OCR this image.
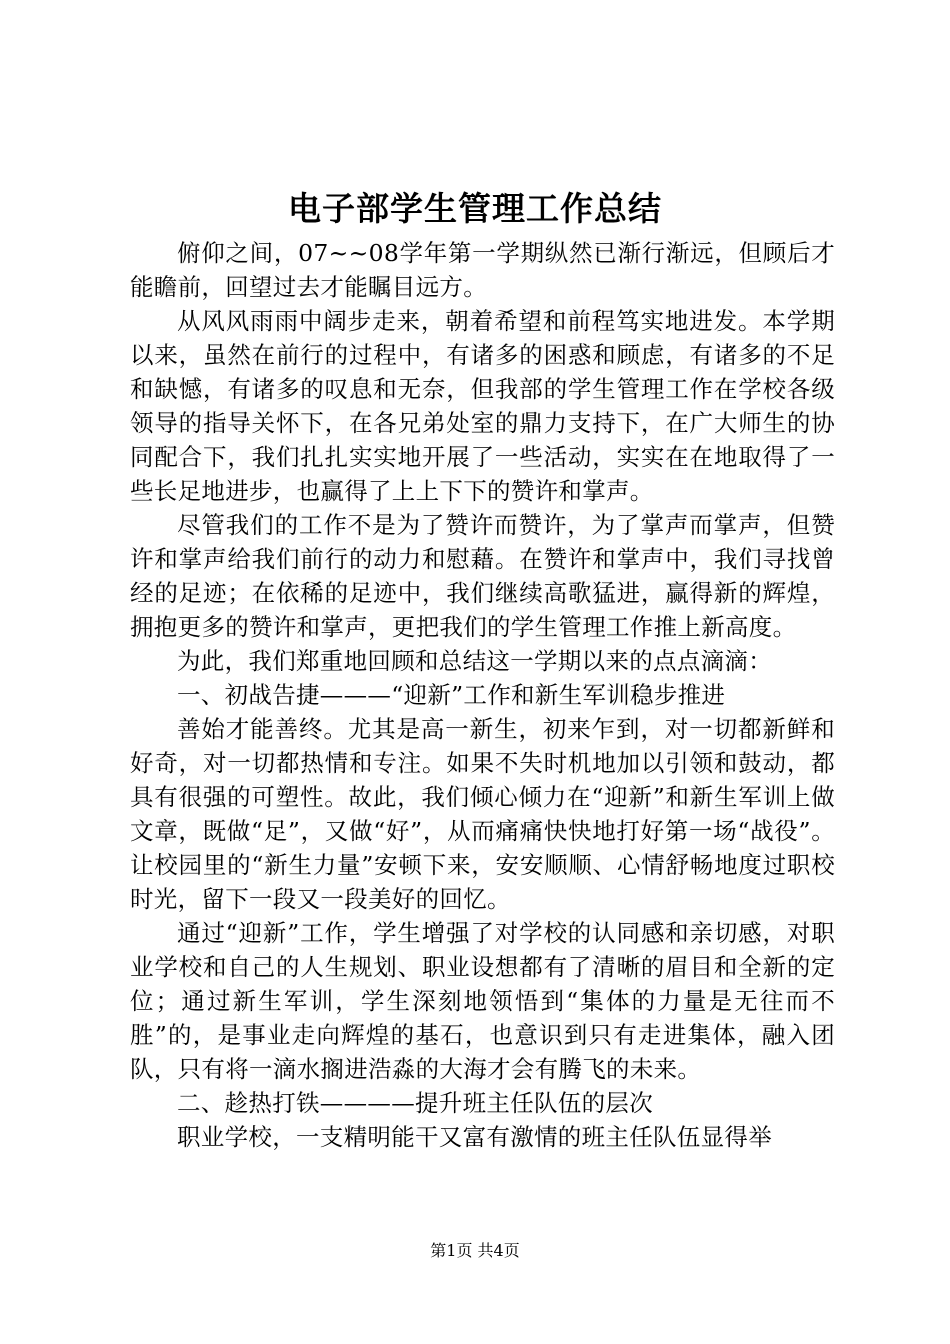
电子部学生管理工作总结

俯仰之间，07~~08学年第一学期纵然已渐行渐远，但顾后才能瞻前，回望过去才能瞩目远方。

从风风雨雨中阔步走来，朝着希望和前程笃实地进发。本学期以来，虽然在前行的过程中，有诸多的困惑和顾虑，有诸多的不足和缺憾，有诸多的叹息和无奈，但我部的学生管理工作在学校各级领导的指导关怀下，在各兄弟处室的鼎力支持下，在广大师生的协同配合下，我们扎扎实实地开展了一些活动，实实在在地取得了一些长足地进步，也赢得了上上下下的赞许和掌声。

尽管我们的工作不是为了赞许而赞许，为了掌声而掌声，但赞许和掌声给我们前行的动力和慰藉。在赞许和掌声中，我们寻找曾经的足迹；在依稀的足迹中，我们继续高歌猛进，赢得新的辉煌，拥抱更多的赞许和掌声，更把我们的学生管理工作推上新高度。

为此，我们郑重地回顾和总结这一学期以来的点点滴滴：

一、初战告捷———“迎新”工作和新生军训稳步推进

善始才能善终。尤其是高一新生，初来乍到，对一切都新鲜和好奇，对一切都热情和专注。如果不失时机地加以引领和鼓动，都具有很强的可塑性。故此，我们倾心倾力在“迎新”和新生军训上做文章，既做“足”，又做“好”，从而痛痛快快地打好第一场“战役”。让校园里的“新生力量”安顿下来，安安顺顺、心情舒畅地度过职校时光，留下一段又一段美好的回忆。

通过“迎新”工作，学生增强了对学校的认同感和亲切感，对职业学校和自己的人生规划、职业设想都有了清晰的眉目和全新的定位；通过新生军训，学生深刻地领悟到“集体的力量是无往而不胜”的，是事业走向辉煌的基石，也意识到只有走进集体，融入团队，只有将一滴水搁进浩淼的大海才会有腾飞的未来。

二、趁热打铁————提升班主任队伍的层次

职业学校，一支精明能干又富有激情的班主任队伍显得举

第1页 共4页
